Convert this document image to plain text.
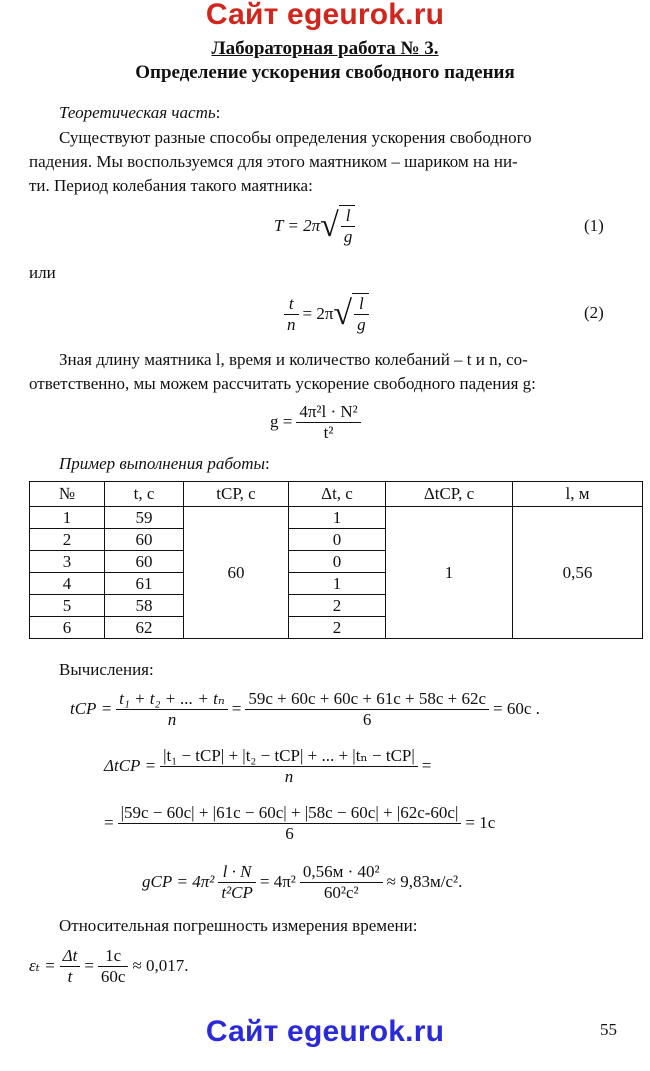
Сайт egeurok.ru
Лабораторная работа № 3.
Определение ускорения свободного падения
Теоретическая часть:
Существуют разные способы определения ускорения свободного
падения. Мы воспользуемся для этого маятником – шариком на ни-
ти. Период колебания такого маятника:
T = 2π √ $\frac{l}{g}$	(1)
или
$\frac{t}{n} = 2\pi$ √ $\frac{l}{g}$	(2)
Зная длину маятника l, время и количество колебаний – t и n, со-
ответственно, мы можем рассчитать ускорение свободного падения g:
$g = \frac{\text{4π²l · N²}}{\text{t²}}$
Пример выполнения работы:
№	t, с	tСР, с	Δt, с	ΔtСР, с	l, м
1	59	60	1	1	0,56
2	60		0		
3	60		0		
4	61		1		
5	58		2		
6	62		2		
Вычисления:
tСР = $\frac{\text{t₁ + t₂ + ... + tₙ}}{n} = \frac{59с + 60с + 60с + 61с + 58с + 62с}{6} = 60с$ .
$\Delta tСР = \frac{\text{|t₁ − tСР| + |t₂ − tСР| + ... + |tₙ − tСР|}}{n}$ =
= $\frac{|59с - 60с| + |61с - 60с| + |58с - 60с| + |62с-60с|}{6} = 1с$
gСР = $4\pi^2 \frac{l \cdot N}{\text{t²СР}} = 4\pi^2 \frac{\text{0,56м · 40²}}{\text{60²с²}} \approx 9,83м/с^2$.
Относительная погрешность измерения времени:
$\varepsilon_t = \frac{\Delta t}{t} = \frac{1с}{60с} \approx 0,017$.
Сайт egeurok.ru	55
